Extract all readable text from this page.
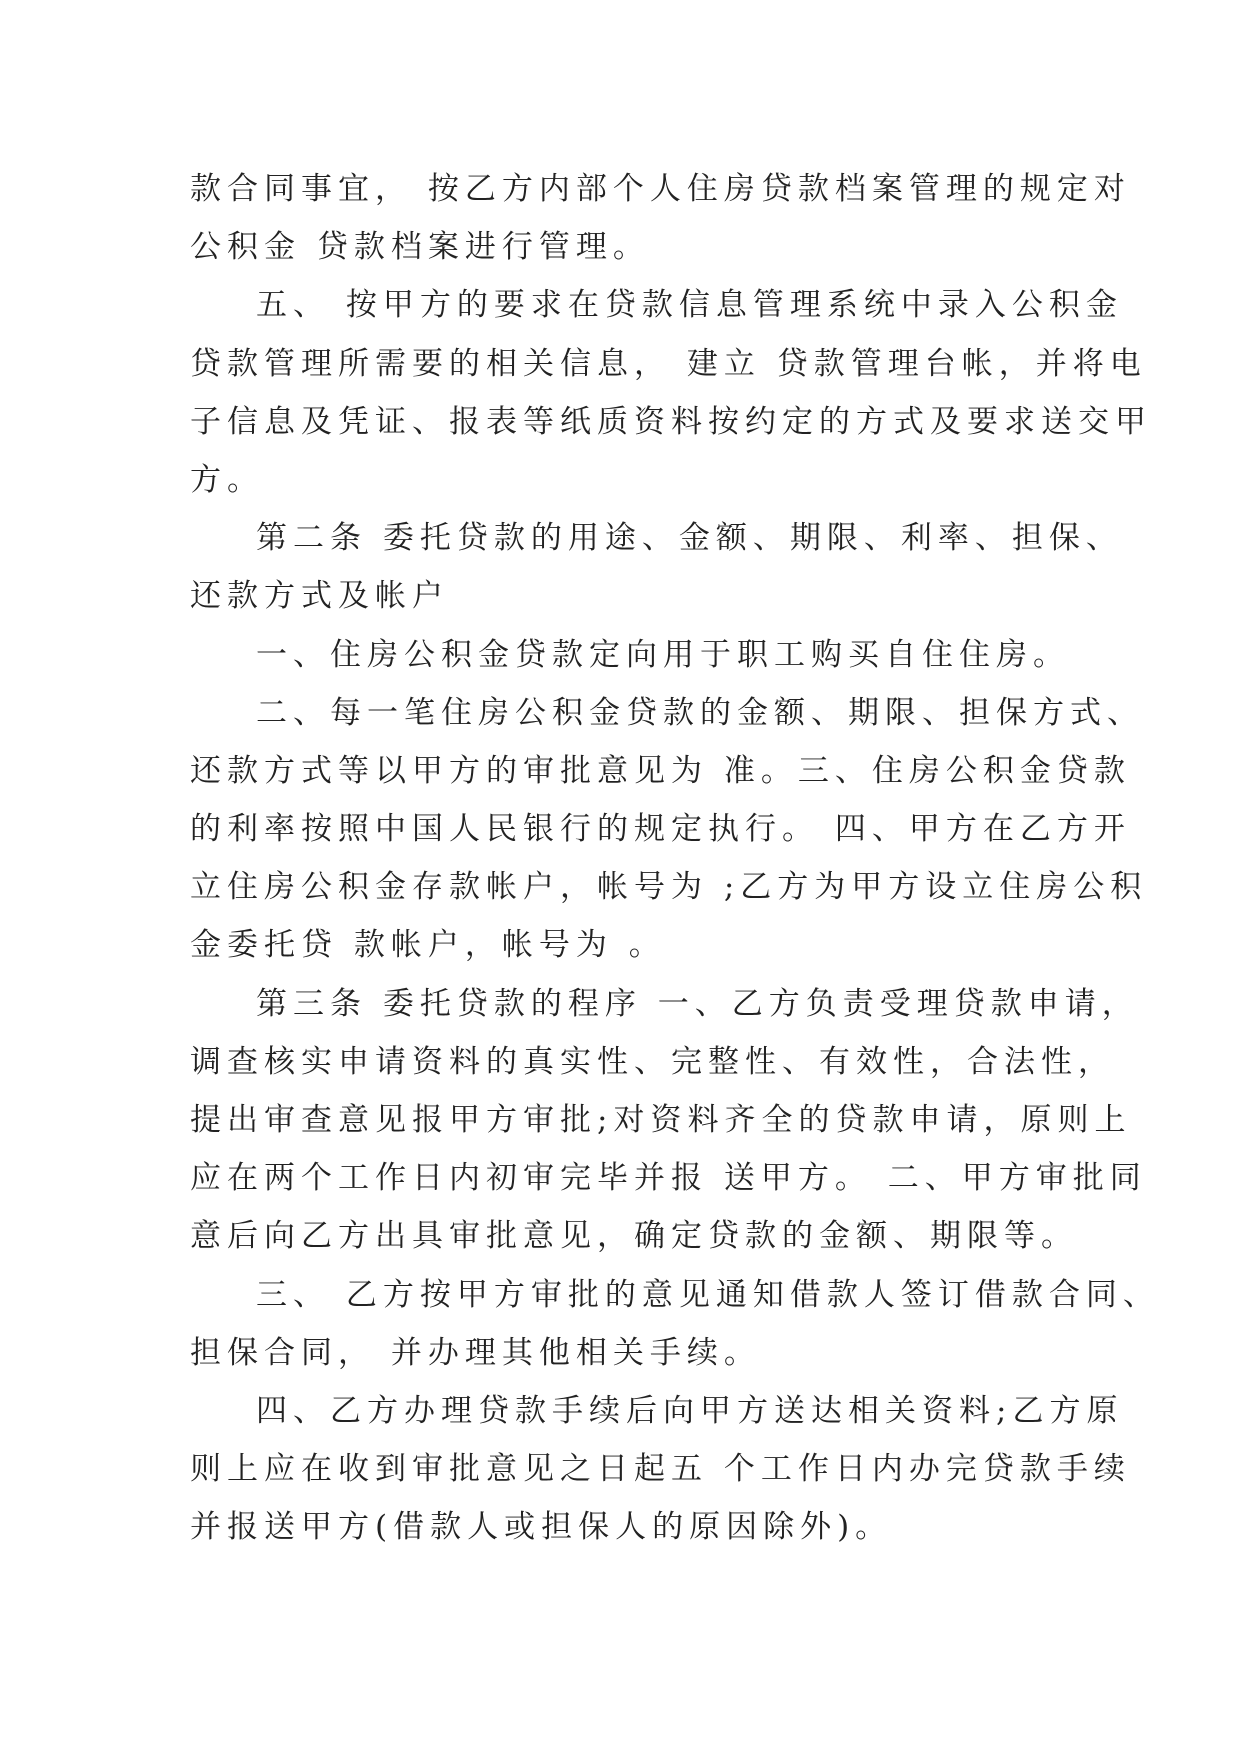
款合同事宜， 按乙方内部个人住房贷款档案管理的规定对
公积金 贷款档案进行管理。
五、 按甲方的要求在贷款信息管理系统中录入公积金
贷款管理所需要的相关信息， 建立 贷款管理台帐，并将电
子信息及凭证、报表等纸质资料按约定的方式及要求送交甲
方。
第二条 委托贷款的用途、金额、期限、利率、担保、
还款方式及帐户
一、住房公积金贷款定向用于职工购买自住住房。
二、每一笔住房公积金贷款的金额、期限、担保方式、
还款方式等以甲方的审批意见为 准。三、住房公积金贷款
的利率按照中国人民银行的规定执行。 四、甲方在乙方开
立住房公积金存款帐户，帐号为 ;乙方为甲方设立住房公积
金委托贷 款帐户，帐号为 。
第三条 委托贷款的程序 一、乙方负责受理贷款申请，
调查核实申请资料的真实性、完整性、有效性，合法性，
提出审查意见报甲方审批;对资料齐全的贷款申请，原则上
应在两个工作日内初审完毕并报 送甲方。 二、甲方审批同
意后向乙方出具审批意见，确定贷款的金额、期限等。
三、 乙方按甲方审批的意见通知借款人签订借款合同、
担保合同， 并办理其他相关手续。
四、乙方办理贷款手续后向甲方送达相关资料;乙方原
则上应在收到审批意见之日起五 个工作日内办完贷款手续
并报送甲方(借款人或担保人的原因除外)。
